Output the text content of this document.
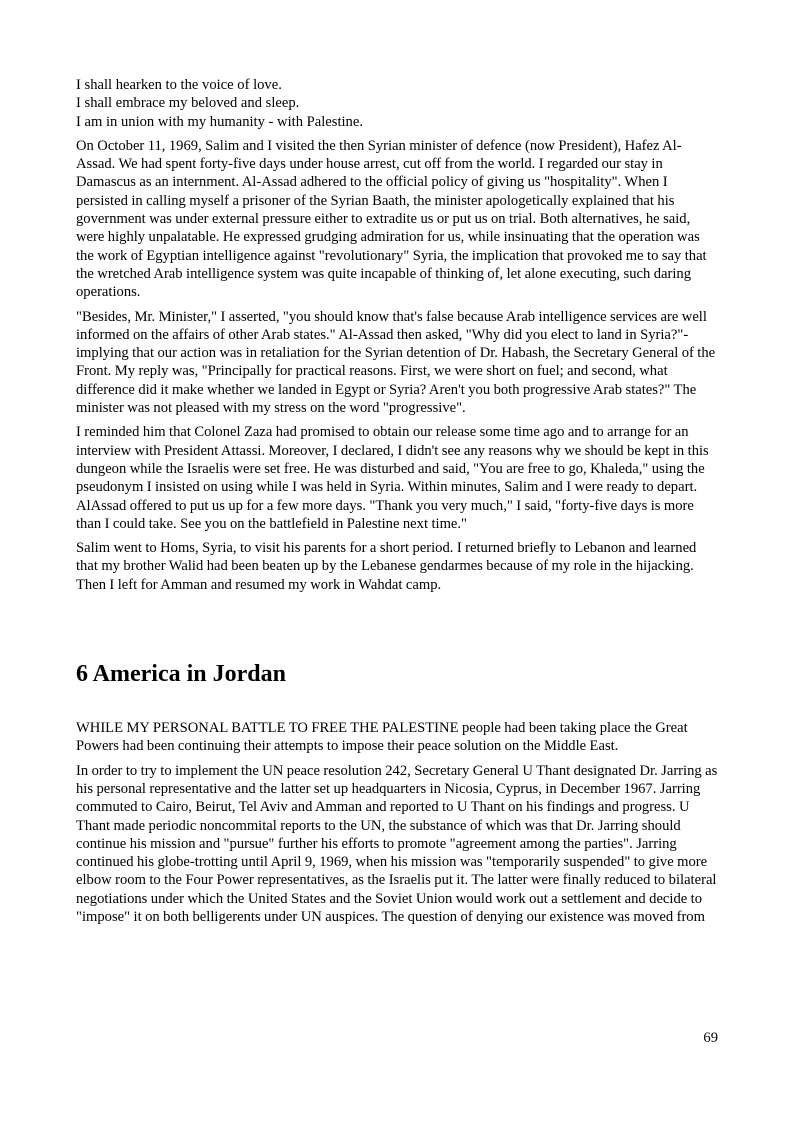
I shall hearken to the voice of love.

I shall embrace my beloved and sleep.

I am in union with my humanity - with Palestine.

On October 11, 1969, Salim and I visited the then Syrian minister of defence (now President), Hafez Al-Assad. We had spent forty-five days under house arrest, cut off from the world. I regarded our stay in Damascus as an internment. Al-Assad adhered to the official policy of giving us "hospitality". When I persisted in calling myself a prisoner of the Syrian Baath, the minister apologetically explained that his government was under external pressure either to extradite us or put us on trial. Both alternatives, he said, were highly unpalatable. He expressed grudging admiration for us, while insinuating that the operation was the work of Egyptian intelligence against "revolutionary" Syria, the implication that provoked me to say that the wretched Arab intelligence system was quite incapable of thinking of, let alone executing, such daring operations.

"Besides, Mr. Minister," I asserted, "you should know that's false because Arab intelligence services are well informed on the affairs of other Arab states." Al-Assad then asked, "Why did you elect to land in Syria?"-implying that our action was in retaliation for the Syrian detention of Dr. Habash, the Secretary General of the Front. My reply was, "Principally for practical reasons. First, we were short on fuel; and second, what difference did it make whether we landed in Egypt or Syria? Aren't you both progressive Arab states?" The minister was not pleased with my stress on the word "progressive".

I reminded him that Colonel Zaza had promised to obtain our release some time ago and to arrange for an interview with President Attassi. Moreover, I declared, I didn't see any reasons why we should be kept in this dungeon while the Israelis were set free. He was disturbed and said, "You are free to go, Khaleda," using the pseudonym I insisted on using while I was held in Syria. Within minutes, Salim and I were ready to depart. AlAssad offered to put us up for a few more days. "Thank you very much," I said, "forty-five days is more than I could take. See you on the battlefield in Palestine next time."

Salim went to Homs, Syria, to visit his parents for a short period. I returned briefly to Lebanon and learned that my brother Walid had been beaten up by the Lebanese gendarmes because of my role in the hijacking. Then I left for Amman and resumed my work in Wahdat camp.

6 America in Jordan

WHILE MY PERSONAL BATTLE TO FREE THE PALESTINE people had been taking place the Great Powers had been continuing their attempts to impose their peace solution on the Middle East.

In order to try to implement the UN peace resolution 242, Secretary General U Thant designated Dr. Jarring as his personal representative and the latter set up headquarters in Nicosia, Cyprus, in December 1967. Jarring commuted to Cairo, Beirut, Tel Aviv and Amman and reported to U Thant on his findings and progress. U Thant made periodic noncommital reports to the UN, the substance of which was that Dr. Jarring should continue his mission and "pursue" further his efforts to promote "agreement among the parties". Jarring continued his globe-trotting until April 9, 1969, when his mission was "temporarily suspended" to give more elbow room to the Four Power representatives, as the Israelis put it. The latter were finally reduced to bilateral negotiations under which the United States and the Soviet Union would work out a settlement and decide to "impose" it on both belligerents under UN auspices. The question of denying our existence was moved from

69
